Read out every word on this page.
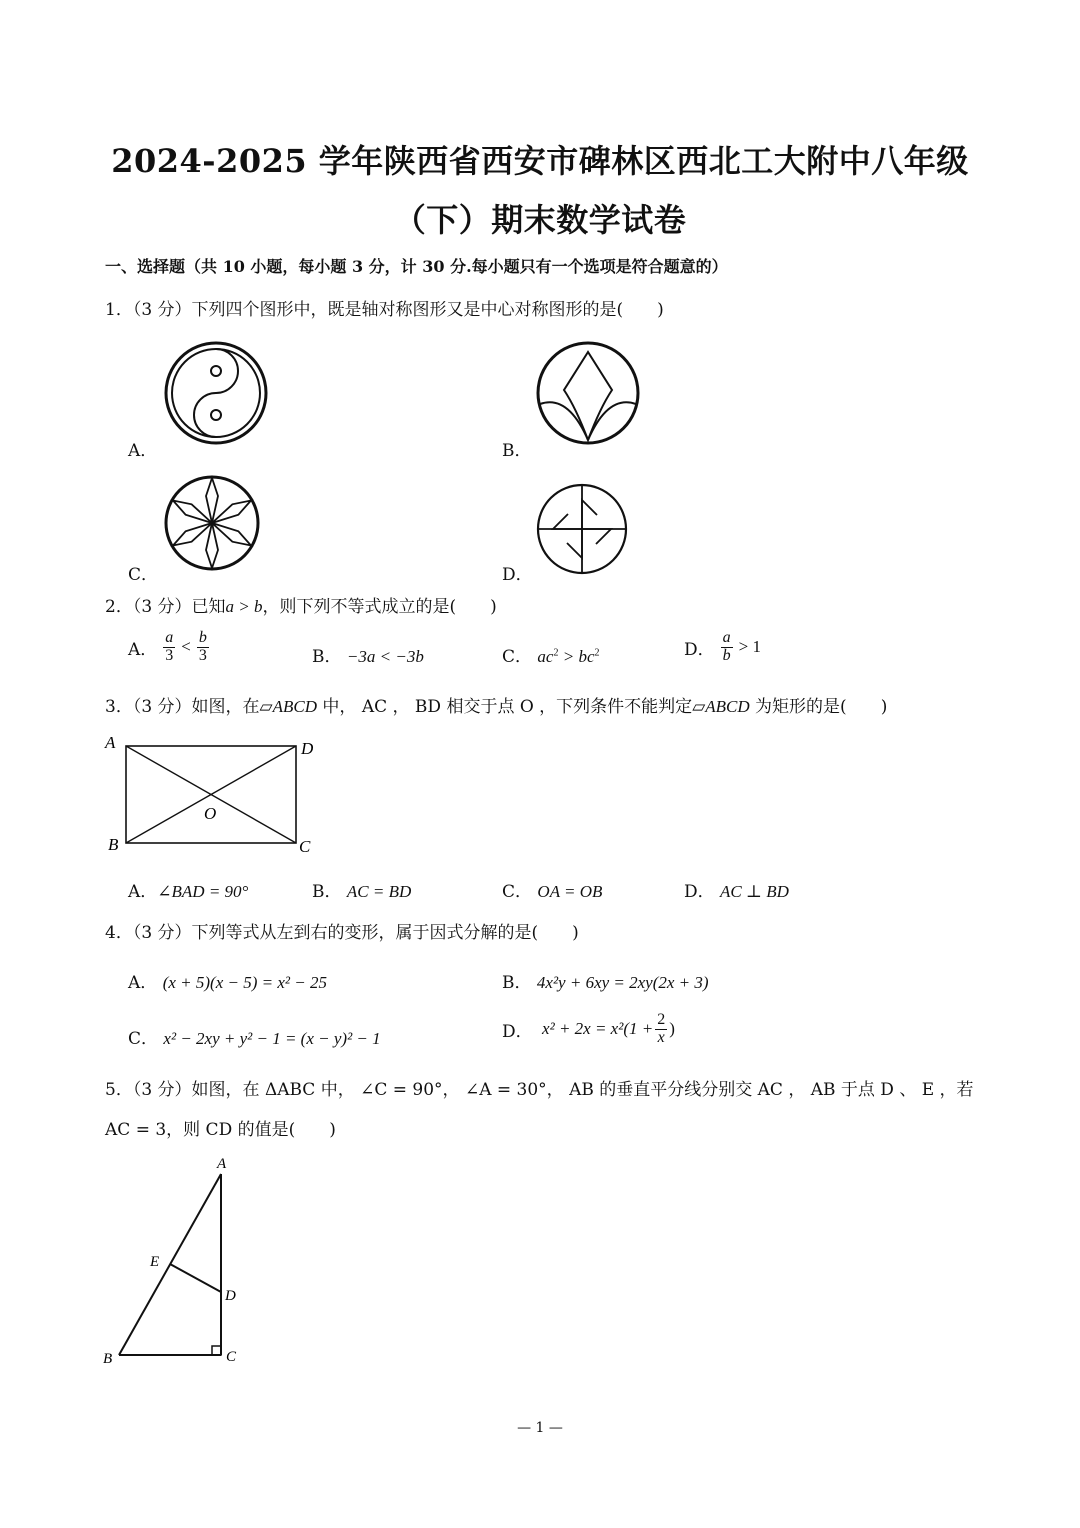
2024-2025 学年陕西省西安市碑林区西北工大附中八年级
（下）期末数学试卷
一、选择题（共 10 小题，每小题 3 分，计 30 分.每小题只有一个选项是符合题意的）
1．（3 分）下列四个图形中，既是轴对称图形又是中心对称图形的是(　　)
A．	B．
C．	D．
2．（3 分）已知a > b，则下列不等式成立的是(　　)
A． $\frac{a}{3} < \frac{b}{3}$	B． −3a < −3b	C． $ac^2 > bc^2$	D． $\frac{a}{b} > 1$
3．（3 分）如图，在▱ABCD 中， AC ， BD 相交于点 O ，下列条件不能判定▱ABCD 为矩形的是(　　)
A	D
B	C
O
A．∠BAD = 90°	B． AC = BD	C． OA = OB	D． AC ⊥ BD
4．（3 分）下列等式从左到右的变形，属于因式分解的是(　　)
A． (x + 5)(x − 5) = x² − 25	B． 4x²y + 6xy = 2xy(2x + 3)
C． x² − 2xy + y² − 1 = (x − y)² − 1	D．
$x^2 + 2x = x^2(1 + \frac{2}{x}$ )
5．（3 分）如图，在 ΔABC 中， ∠C = 90°， ∠A = 30°， AB 的垂直平分线分别交 AC ， AB 于点 D 、 E ，若
AC = 3，则 CD 的值是(　　)
A
E
D
B	C
— 1 —
